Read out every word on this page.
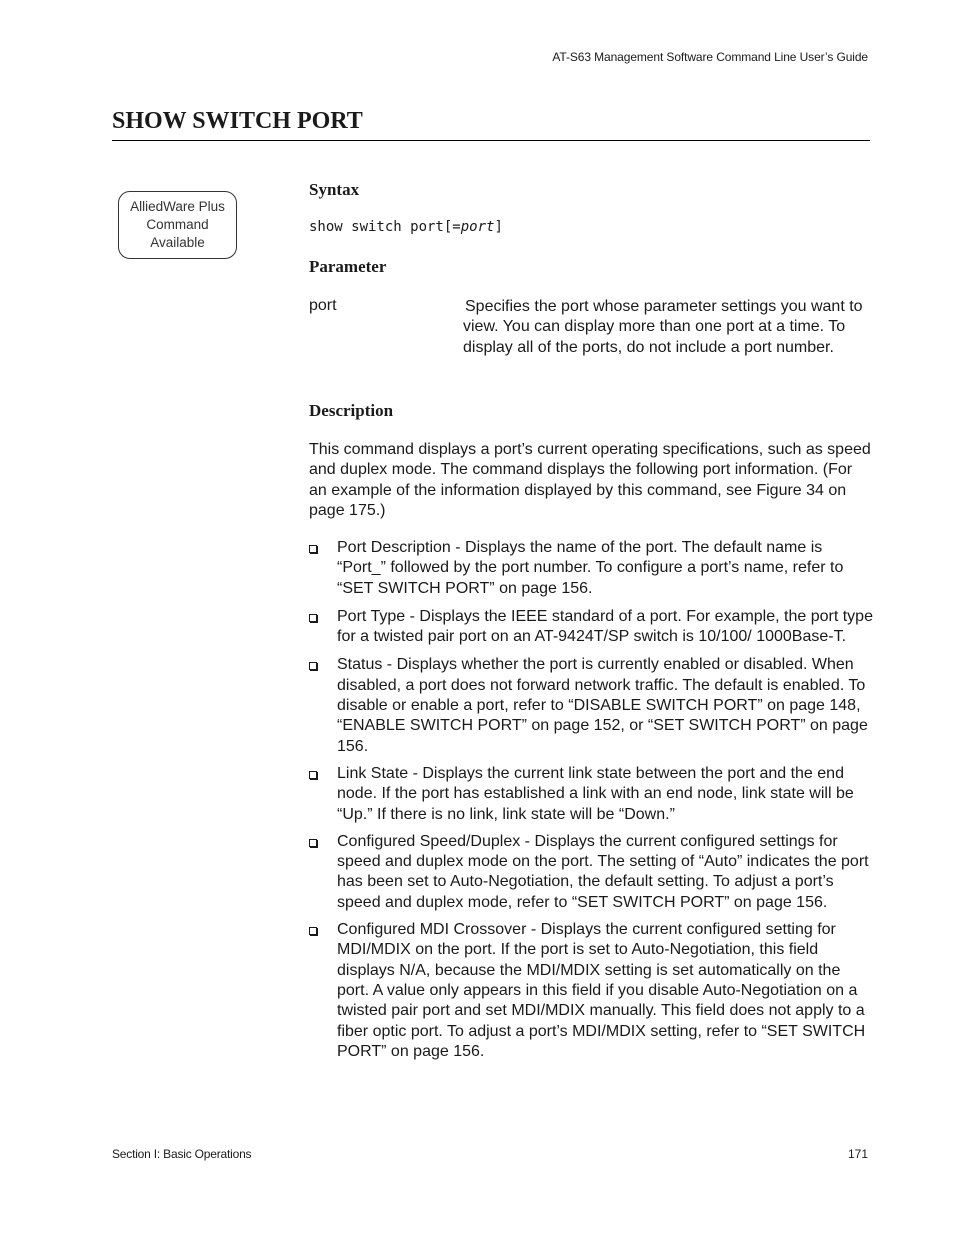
AT-S63 Management Software Command Line User’s Guide
SHOW SWITCH PORT
AlliedWare Plus
Command
Available
Syntax
show switch port[=port]
Parameter
port	Specifies the port whose parameter settings you want to view. You can display more than one port at a time. To display all of the ports, do not include a port number.
Description

This command displays a port’s current operating specifications, such as speed and duplex mode. The command displays the following port information. (For an example of the information displayed by this command, see Figure 34 on page 175.)

Port Description - Displays the name of the port. The default name is “Port_” followed by the port number. To configure a port’s name, refer to “SET SWITCH PORT” on page 156.
Port Type - Displays the IEEE standard of a port. For example, the port type for a twisted pair port on an AT-9424T/SP switch is 10/100/ 1000Base-T.
Status - Displays whether the port is currently enabled or disabled. When disabled, a port does not forward network traffic. The default is enabled. To disable or enable a port, refer to “DISABLE SWITCH PORT” on page 148, “ENABLE SWITCH PORT” on page 152, or “SET SWITCH PORT” on page 156.
Link State - Displays the current link state between the port and the end node. If the port has established a link with an end node, link state will be “Up.” If there is no link, link state will be “Down.”
Configured Speed/Duplex - Displays the current configured settings for speed and duplex mode on the port. The setting of “Auto” indicates the port has been set to Auto-Negotiation, the default setting. To adjust a port’s speed and duplex mode, refer to “SET SWITCH PORT” on page 156.
Configured MDI Crossover - Displays the current configured setting for MDI/MDIX on the port. If the port is set to Auto-Negotiation, this field displays N/A, because the MDI/MDIX setting is set automatically on the port. A value only appears in this field if you disable Auto-Negotiation on a twisted pair port and set MDI/MDIX manually. This field does not apply to a fiber optic port. To adjust a port’s MDI/MDIX setting, refer to “SET SWITCH PORT” on page 156.
Section I: Basic Operations	171
